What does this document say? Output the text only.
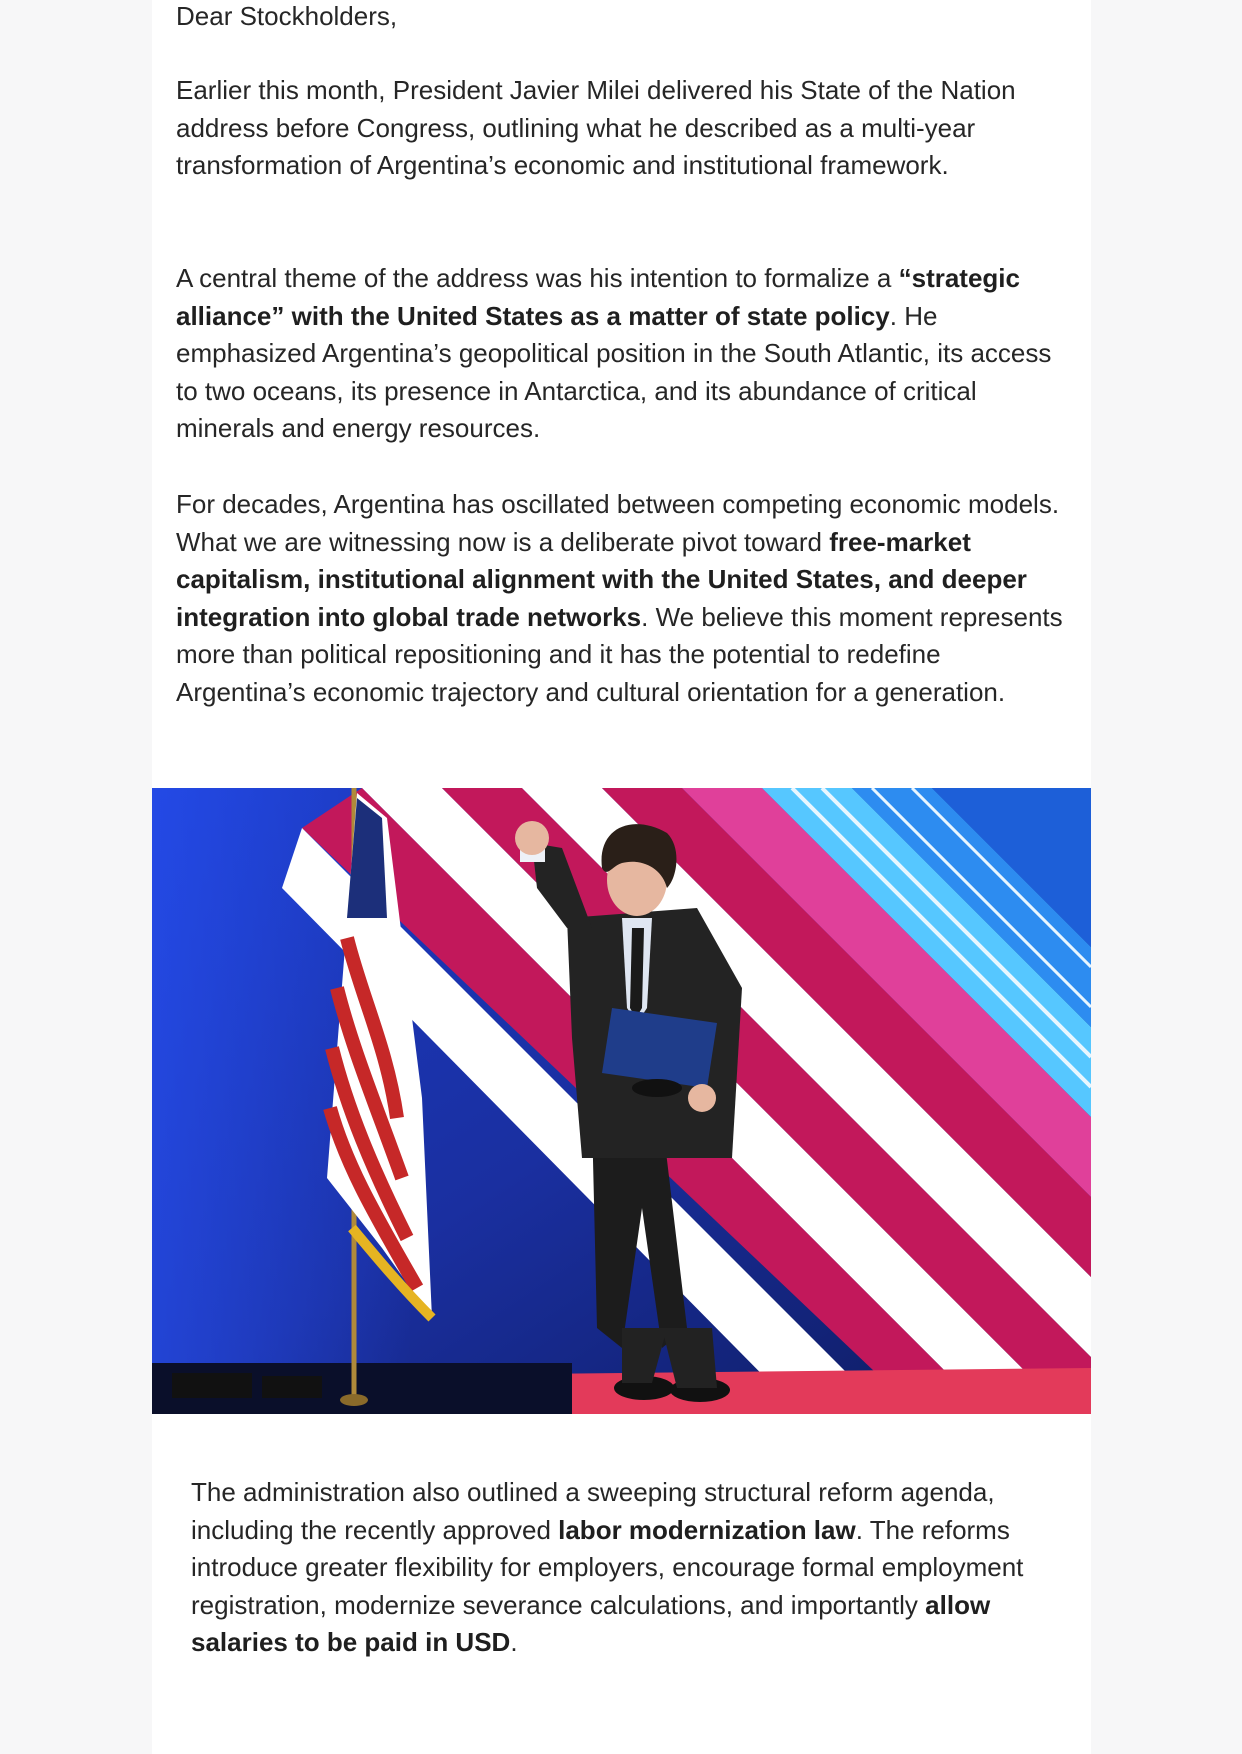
Dear Stockholders,

Earlier this month, President Javier Milei delivered his State of the Nation address before Congress, outlining what he described as a multi-year transformation of Argentina’s economic and institutional framework.

A central theme of the address was his intention to formalize a “strategic alliance” with the United States as a matter of state policy. He emphasized Argentina’s geopolitical position in the South Atlantic, its access to two oceans, its presence in Antarctica, and its abundance of critical minerals and energy resources.

For decades, Argentina has oscillated between competing economic models. What we are witnessing now is a deliberate pivot toward free-market capitalism, institutional alignment with the United States, and deeper integration into global trade networks. We believe this moment represents more than political repositioning and it has the potential to redefine Argentina’s economic trajectory and cultural orientation for a generation.

The administration also outlined a sweeping structural reform agenda, including the recently approved labor modernization law. The reforms introduce greater flexibility for employers, encourage formal employment registration, modernize severance calculations, and importantly allow salaries to be paid in USD.
